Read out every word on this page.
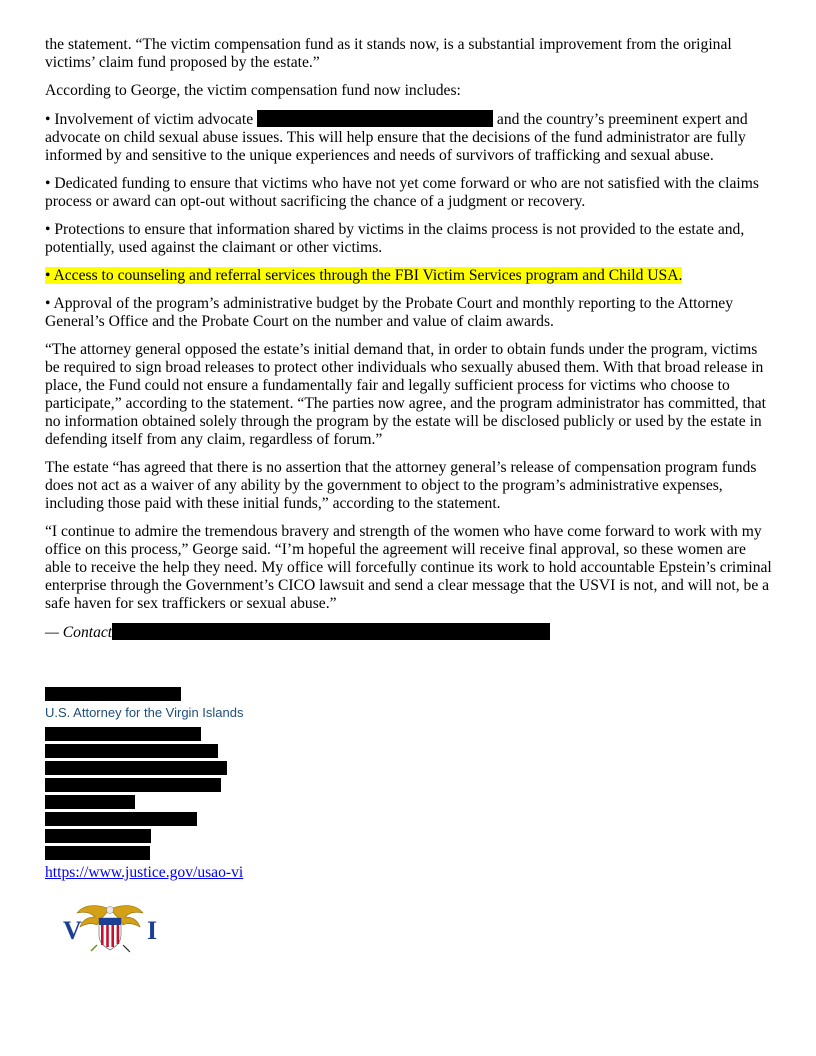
the statement. “The victim compensation fund as it stands now, is a substantial improvement from the original victims’ claim fund proposed by the estate.”

According to George, the victim compensation fund now includes:

• Involvement of victim advocate	and the country’s preeminent expert and advocate on child sexual abuse issues. This will help ensure that the decisions of the fund administrator are fully informed by and sensitive to the unique experiences and needs of survivors of trafficking and sexual abuse.

• Dedicated funding to ensure that victims who have not yet come forward or who are not satisfied with the claims process or award can opt-out without sacrificing the chance of a judgment or recovery.

• Protections to ensure that information shared by victims in the claims process is not provided to the estate and, potentially, used against the claimant or other victims.

• Access to counseling and referral services through the FBI Victim Services program and Child USA.

• Approval of the program’s administrative budget by the Probate Court and monthly reporting to the Attorney General’s Office and the Probate Court on the number and value of claim awards.

“The attorney general opposed the estate’s initial demand that, in order to obtain funds under the program, victims be required to sign broad releases to protect other individuals who sexually abused them. With that broad release in place, the Fund could not ensure a fundamentally fair and legally sufficient process for victims who choose to participate,” according to the statement. “The parties now agree, and the program administrator has committed, that no information obtained solely through the program by the estate will be disclosed publicly or used by the estate in defending itself from any claim, regardless of forum.”

The estate “has agreed that there is no assertion that the attorney general’s release of compensation program funds does not act as a waiver of any ability by the government to object to the program’s administrative expenses, including those paid with these initial funds,” according to the statement.

“I continue to admire the tremendous bravery and strength of the women who have come forward to work with my office on this process,” George said. “I’m hopeful the agreement will receive final approval, so these women are able to receive the help they need. My office will forcefully continue its work to hold accountable Epstein’s criminal enterprise through the Government’s CICO lawsuit and send a clear message that the USVI is not, and will not, be a safe haven for sex traffickers or sexual abuse.”

— Contact

U.S. Attorney for the Virgin Islands
https://www.justice.gov/usao-vi
V	I
